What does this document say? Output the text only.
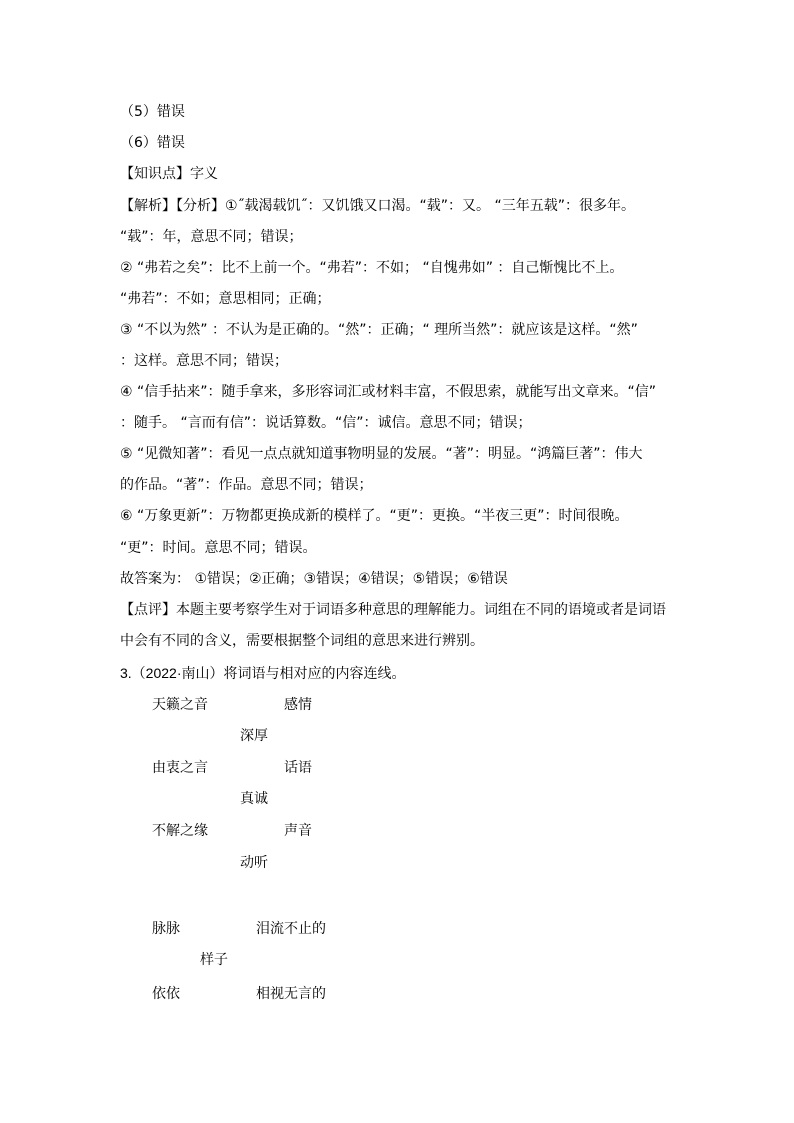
（5）错误
（6）错误
【知识点】字义
【解析】【分析】①˝载渴载饥˝：又饥饿又口渴。“载”：又。 “三年五载”：很多年。
“载”：年，意思不同；错误；
② “弗若之矣”：比不上前一个。“弗若”：不如； “自愧弗如” ：自己惭愧比不上。
“弗若”：不如；意思相同；正确；
③ “不以为然” ：不认为是正确的。“然”：正确；“ 理所当然”：就应该是这样。“然”
：这样。意思不同；错误；
④ “信手拈来”：随手拿来，多形容词汇或材料丰富，不假思索，就能写出文章来。“信”
：随手。 “言而有信”：说话算数。“信”：诚信。意思不同；错误；
⑤ “见微知著”：看见一点点就知道事物明显的发展。“著”：明显。“鸿篇巨著”：伟大
的作品。“著”：作品。意思不同；错误；
⑥ “万象更新”：万物都更换成新的模样了。“更”：更换。“半夜三更”：时间很晚。
“更”：时间。意思不同；错误。
故答案为： ①错误；②正确；③错误；④错误；⑤错误；⑥错误
【点评】本题主要考察学生对于词语多种意思的理解能力。词组在不同的语境或者是词语
中会有不同的含义，需要根据整个词组的意思来进行辨别。
3.（2022·南山）将词语与相对应的内容连线。
天籁之音	感情
深厚
由衷之言	话语
真诚
不解之缘	声音
动听
脉脉	泪流不止的
样子
依依	相视无言的
